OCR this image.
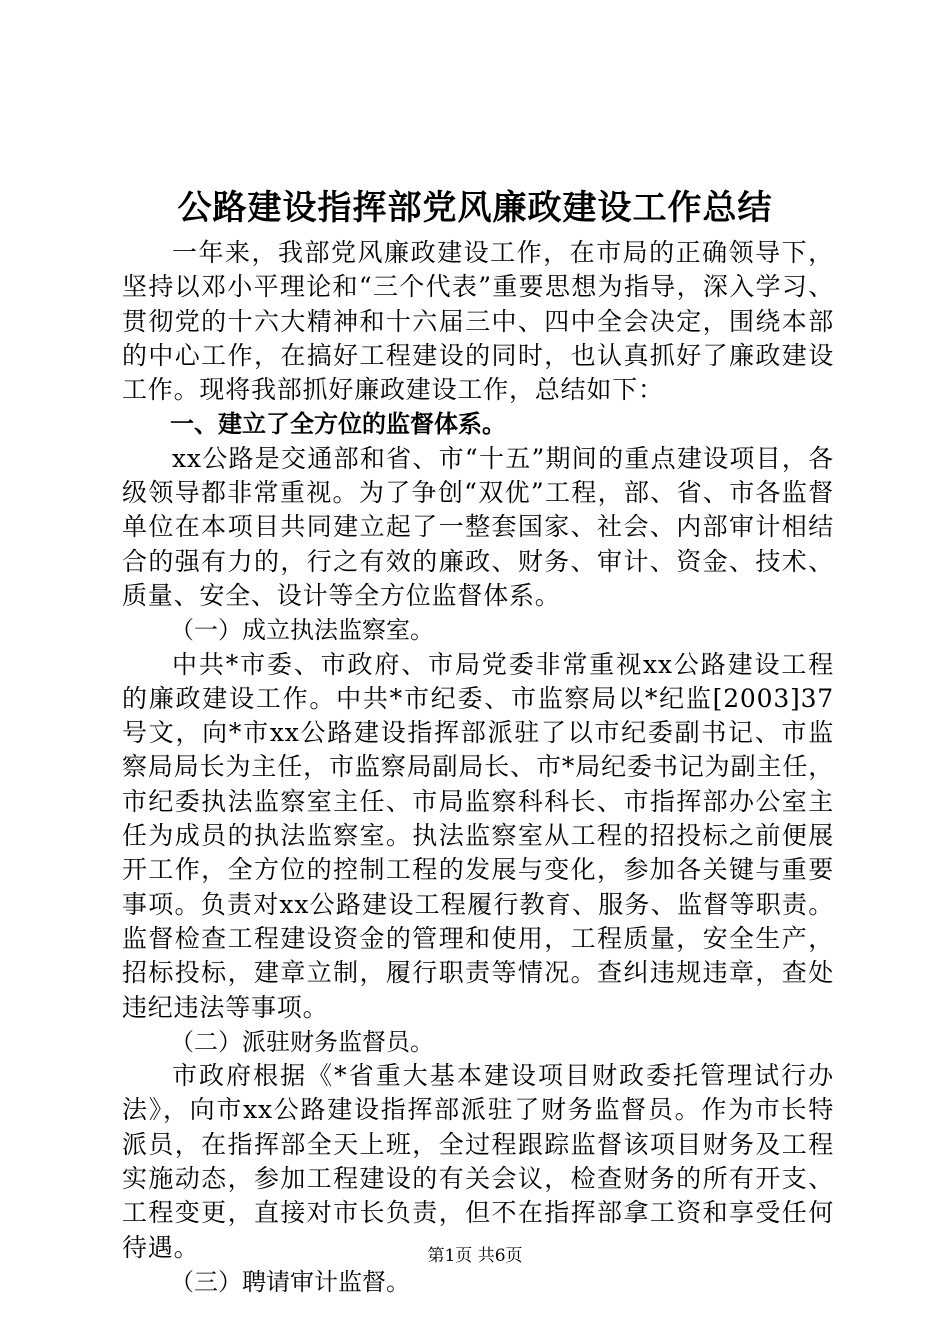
公路建设指挥部党风廉政建设工作总结

一年来，我部党风廉政建设工作，在市局的正确领导下，坚持以邓小平理论和“三个代表”重要思想为指导，深入学习、贯彻党的十六大精神和十六届三中、四中全会决定，围绕本部的中心工作，在搞好工程建设的同时，也认真抓好了廉政建设工作。现将我部抓好廉政建设工作，总结如下：

一、建立了全方位的监督体系。

xx公路是交通部和省、市“十五”期间的重点建设项目，各级领导都非常重视。为了争创“双优”工程，部、省、市各监督单位在本项目共同建立起了一整套国家、社会、内部审计相结合的强有力的，行之有效的廉政、财务、审计、资金、技术、质量、安全、设计等全方位监督体系。

（一）成立执法监察室。

中共*市委、市政府、市局党委非常重视xx公路建设工程的廉政建设工作。中共*市纪委、市监察局以*纪监[2003]37号文，向*市xx公路建设指挥部派驻了以市纪委副书记、市监察局局长为主任，市监察局副局长、市*局纪委书记为副主任，市纪委执法监察室主任、市局监察科科长、市指挥部办公室主任为成员的执法监察室。执法监察室从工程的招投标之前便展开工作，全方位的控制工程的发展与变化，参加各关键与重要事项。负责对xx公路建设工程履行教育、服务、监督等职责。监督检查工程建设资金的管理和使用，工程质量，安全生产，招标投标，建章立制，履行职责等情况。查纠违规违章，查处违纪违法等事项。

（二）派驻财务监督员。

市政府根据《*省重大基本建设项目财政委托管理试行办法》，向市xx公路建设指挥部派驻了财务监督员。作为市长特派员，在指挥部全天上班，全过程跟踪监督该项目财务及工程实施动态，参加工程建设的有关会议，检查财务的所有开支、工程变更，直接对市长负责，但不在指挥部拿工资和享受任何待遇。

（三）聘请审计监督。

第1页 共6页
